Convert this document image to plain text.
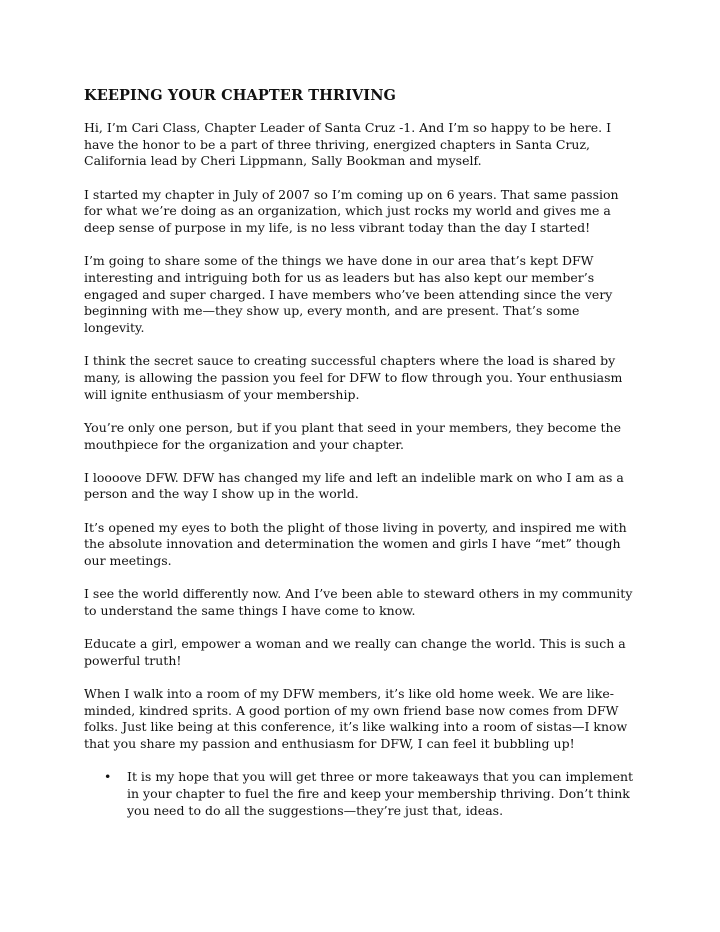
KEEPING YOUR CHAPTER THRIVING

Hi, I’m Cari Class, Chapter Leader of Santa Cruz -1. And I’m so happy to be here. I have the honor to be a part of three thriving, energized chapters in Santa Cruz, California lead by Cheri Lippmann, Sally Bookman and myself.

I started my chapter in July of 2007 so I’m coming up on 6 years. That same passion for what we’re doing as an organization, which just rocks my world and gives me a deep sense of purpose in my life, is no less vibrant today than the day I started!

I’m going to share some of the things we have done in our area that’s kept DFW interesting and intriguing both for us as leaders but has also kept our member’s engaged and super charged. I have members who’ve been attending since the very beginning with me—they show up, every month, and are present. That’s some longevity.

I think the secret sauce to creating successful chapters where the load is shared by many, is allowing the passion you feel for DFW to flow through you. Your enthusiasm will ignite enthusiasm of your membership.

You’re only one person, but if you plant that seed in your members, they become the mouthpiece for the organization and your chapter.

I loooove DFW. DFW has changed my life and left an indelible mark on who I am as a person and the way I show up in the world.

It’s opened my eyes to both the plight of those living in poverty, and inspired me with the absolute innovation and determination the women and girls I have “met” though our meetings.

I see the world differently now. And I’ve been able to steward others in my community to understand the same things I have come to know.

Educate a girl, empower a woman and we really can change the world. This is such a powerful truth!

When I walk into a room of my DFW members, it’s like old home week. We are like-minded, kindred sprits. A good portion of my own friend base now comes from DFW folks. Just like being at this conference, it’s like walking into a room of sistas—I know that you share my passion and enthusiasm for DFW, I can feel it bubbling up!

• It is my hope that you will get three or more takeaways that you can implement in your chapter to fuel the fire and keep your membership thriving. Don’t think you need to do all the suggestions—they’re just that, ideas.
